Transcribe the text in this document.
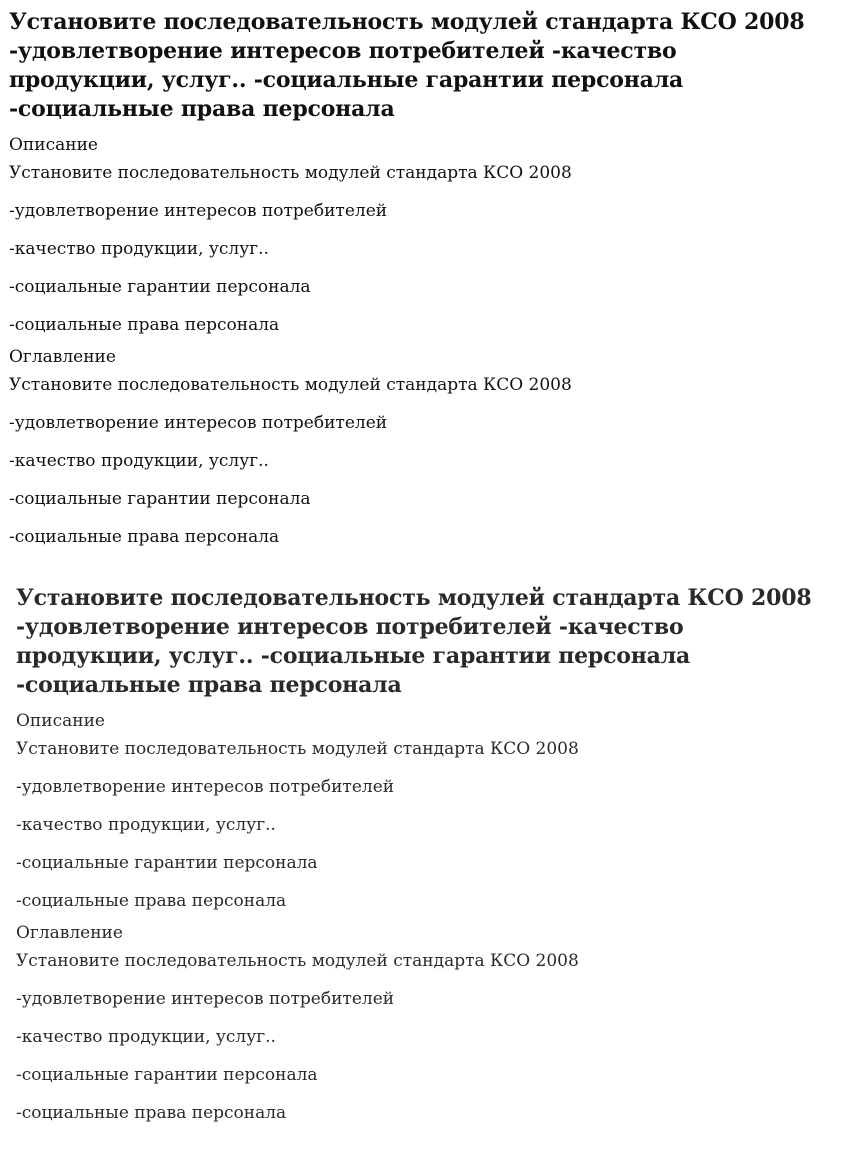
Установите последовательность модулей стандарта КСО 2008 -удовлетворение интересов потребителей -качество продукции, услуг.. -социальные гарантии персонала -социальные права персонала
Описание
Установите последовательность модулей стандарта КСО 2008
-удовлетворение интересов потребителей
-качество продукции, услуг..
-социальные гарантии персонала
-социальные права персонала
Оглавление
Установите последовательность модулей стандарта КСО 2008
-удовлетворение интересов потребителей
-качество продукции, услуг..
-социальные гарантии персонала
-социальные права персонала
Установите последовательность модулей стандарта КСО 2008 -удовлетворение интересов потребителей -качество продукции, услуг.. -социальные гарантии персонала -социальные права персонала
Описание
Установите последовательность модулей стандарта КСО 2008
-удовлетворение интересов потребителей
-качество продукции, услуг..
-социальные гарантии персонала
-социальные права персонала
Оглавление
Установите последовательность модулей стандарта КСО 2008
-удовлетворение интересов потребителей
-качество продукции, услуг..
-социальные гарантии персонала
-социальные права персонала
